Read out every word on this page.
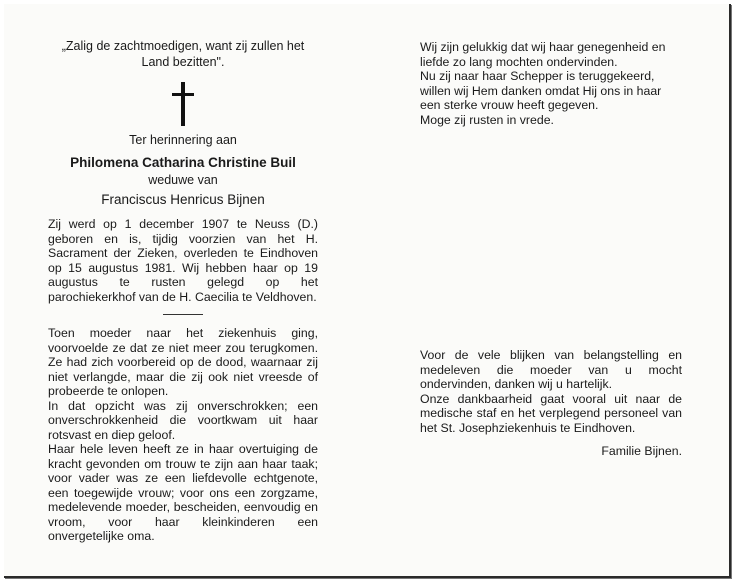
„Zalig de zachtmoedigen, want zij zullen het Land bezitten".

Ter herinnering aan

Philomena Catharina Christine Buil

weduwe van

Franciscus Henricus Bijnen

Zij werd op 1 december 1907 te Neuss (D.) geboren en is, tijdig voorzien van het H. Sacrament der Zieken, overleden te Eindhoven op 15 augustus 1981. Wij hebben haar op 19 augustus te rusten gelegd op het parochiekerkhof van de H. Caecilia te Veldhoven.

Toen moeder naar het ziekenhuis ging, voorvoelde ze dat ze niet meer zou terugkomen. Ze had zich voorbereid op de dood, waarnaar zij niet verlangde, maar die zij ook niet vreesde of probeerde te onlopen.

In dat opzicht was zij onverschrokken; een onverschrokkenheid die voortkwam uit haar rotsvast en diep geloof.

Haar hele leven heeft ze in haar overtuiging de kracht gevonden om trouw te zijn aan haar taak; voor vader was ze een liefdevolle echtgenote, een toegewijde vrouw; voor ons een zorgzame, medelevende moeder, bescheiden, eenvoudig en vroom, voor haar kleinkinderen een onvergetelijke oma.

Wij zijn gelukkig dat wij haar genegenheid en liefde zo lang mochten ondervinden.

Nu zij naar haar Schepper is teruggekeerd, willen wij Hem danken omdat Hij ons in haar een sterke vrouw heeft gegeven.

Moge zij rusten in vrede.

Voor de vele blijken van belangstelling en medeleven die moeder van u mocht ondervinden, danken wij u hartelijk.

Onze dankbaarheid gaat vooral uit naar de medische staf en het verplegend personeel van het St. Josephziekenhuis te Eindhoven.

Familie Bijnen.
